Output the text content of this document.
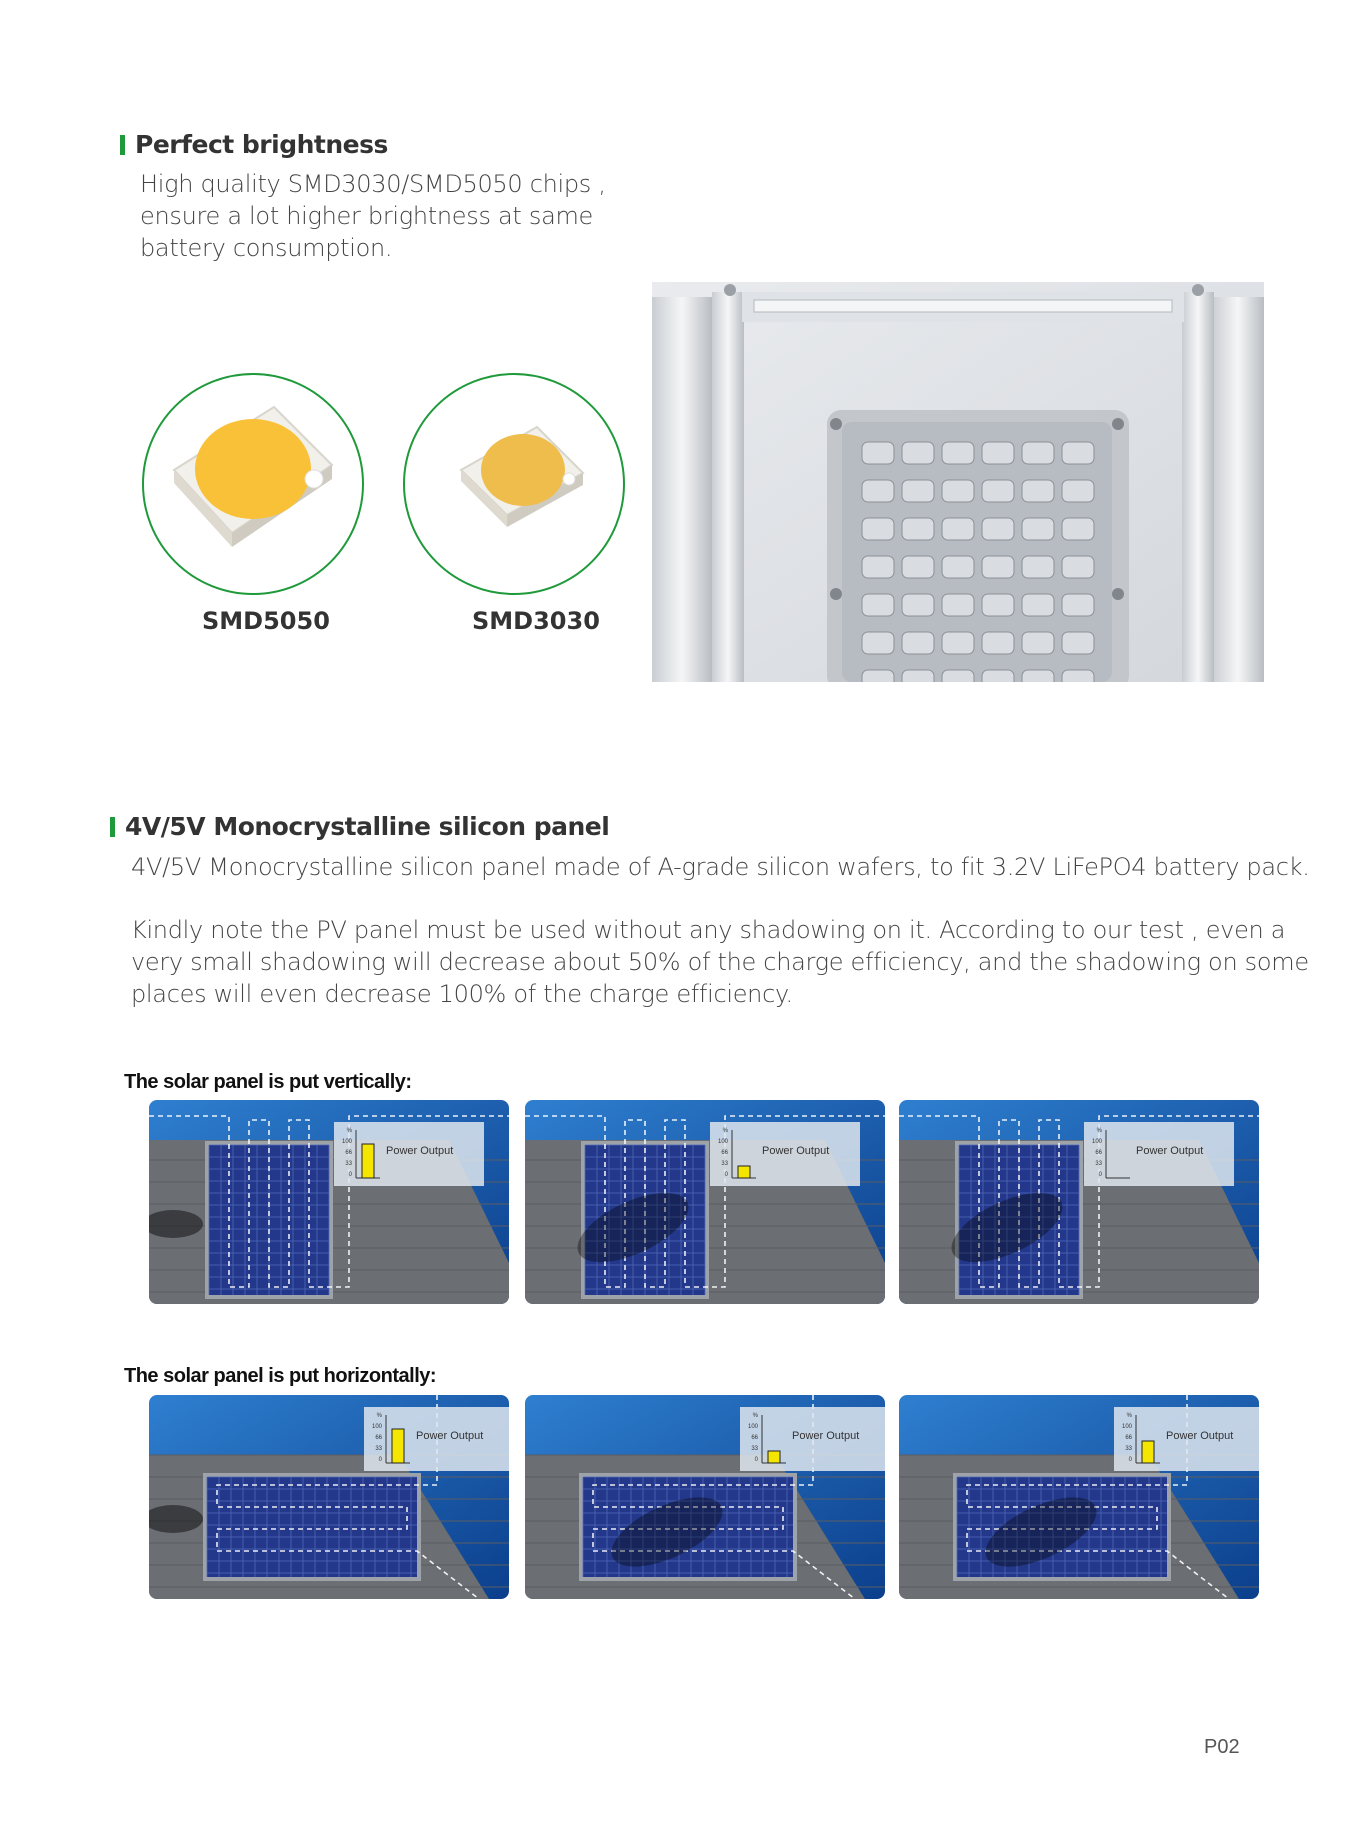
Perfect brightness
High quality SMD3030/SMD5050 chips ,
ensure a lot higher brightness at same
battery consumption.
SMD5050	SMD3030
4V/5V Monocrystalline silicon panel
4V/5V Monocrystalline silicon panel made of A-grade silicon wafers, to fit 3.2V LiFePO4 battery pack.
Kindly note the PV panel must be used without any shadowing on it. According to our test , even a
very small shadowing will decrease about 50% of the charge efficiency, and the shadowing on some
places will even decrease 100% of the charge efficiency.
The solar panel is put vertically:
The solar panel is put horizontally:
%
100
66
33
0
Power Output
%
100
66
33
0
Power Output
%
100
66
33
0
Power Output
%
100
66
33
0
Power Output
%
100
66
33
0
Power Output
%
100
66
33
0
Power Output
P02
